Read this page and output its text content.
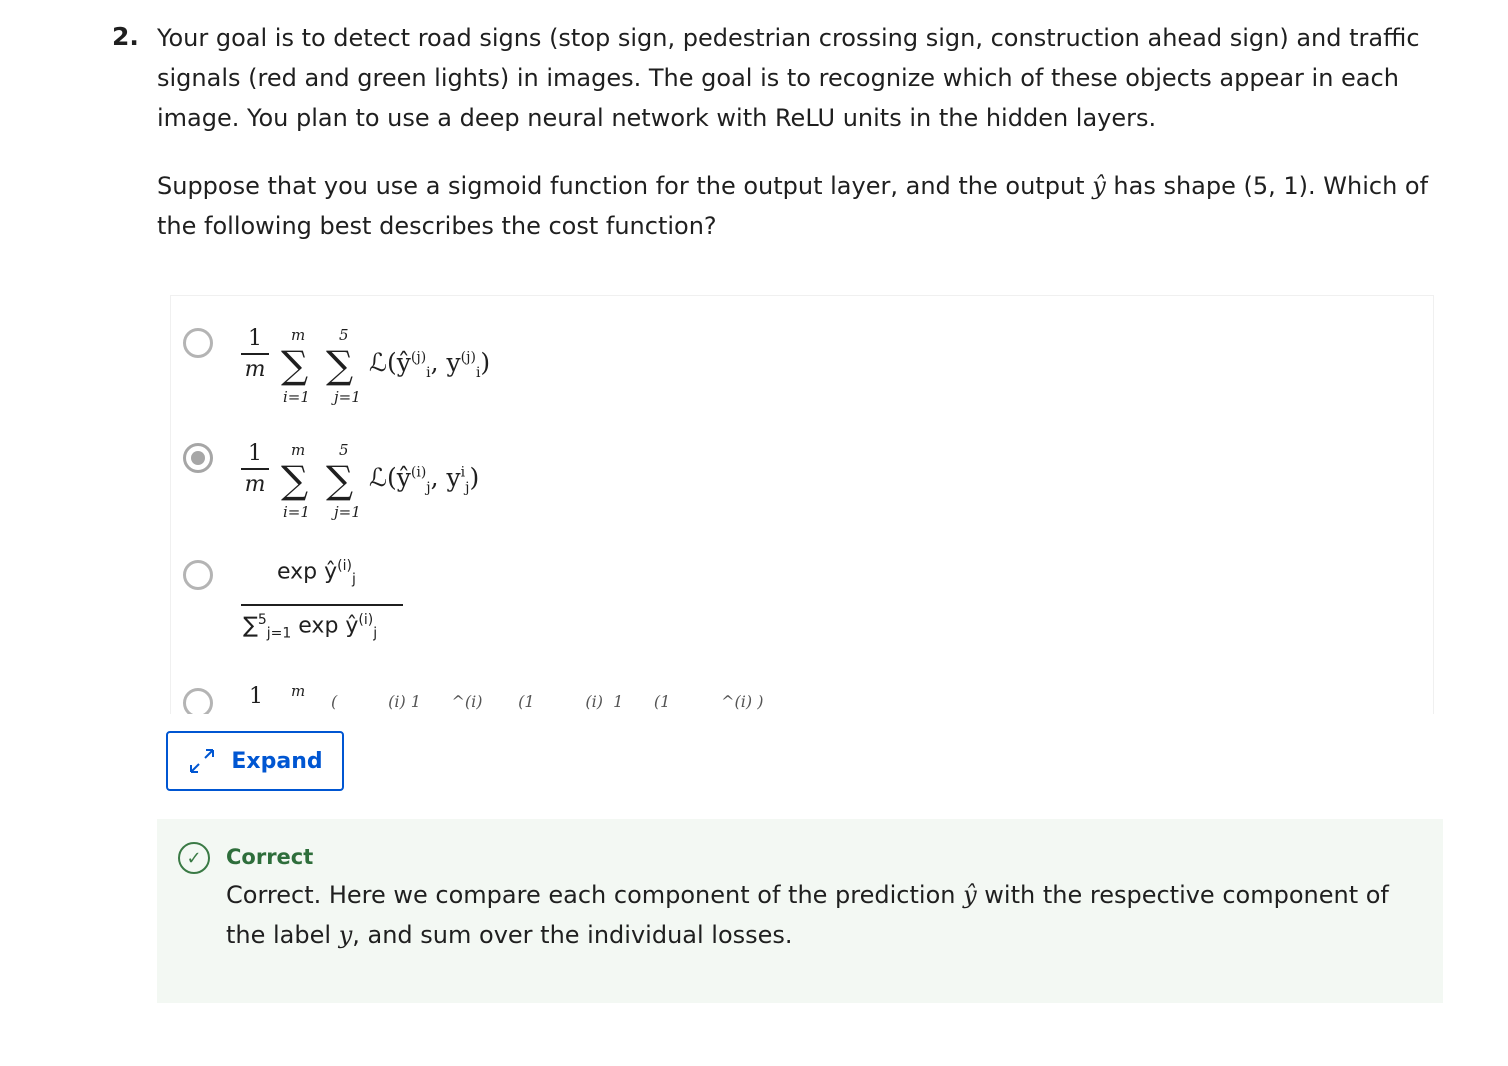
2. Your goal is to detect road signs (stop sign, pedestrian crossing sign, construction ahead sign) and traffic signals (red and green lights) in images. The goal is to recognize which of these objects appear in each image. You plan to use a deep neural network with ReLU units in the hidden layers.

Suppose that you use a sigmoid function for the output layer, and the output ŷ has shape (5, 1). Which of the following best describes the cost function?

1
m
m
∑
i=1
5
∑
j=1
$ℒ(ŷ^{(j)}_i$, $y^{(j)}_i$)
1
m
m
∑
i=1
5
∑
j=1
$ℒ(ŷ^{(i)}_j$, $y^i_j$)
$\exp ŷ^{(i)}_j$
∑$^5_{j=1}$ $\exp ŷ^{(i)}_j$
1 m
(          (i) 1      ^(i)       (1          (i)  1      (1          ^(i) )
Expand
✓	Correct
Correct. Here we compare each component of the prediction ŷ with the respective component of the label y, and sum over the individual losses.
